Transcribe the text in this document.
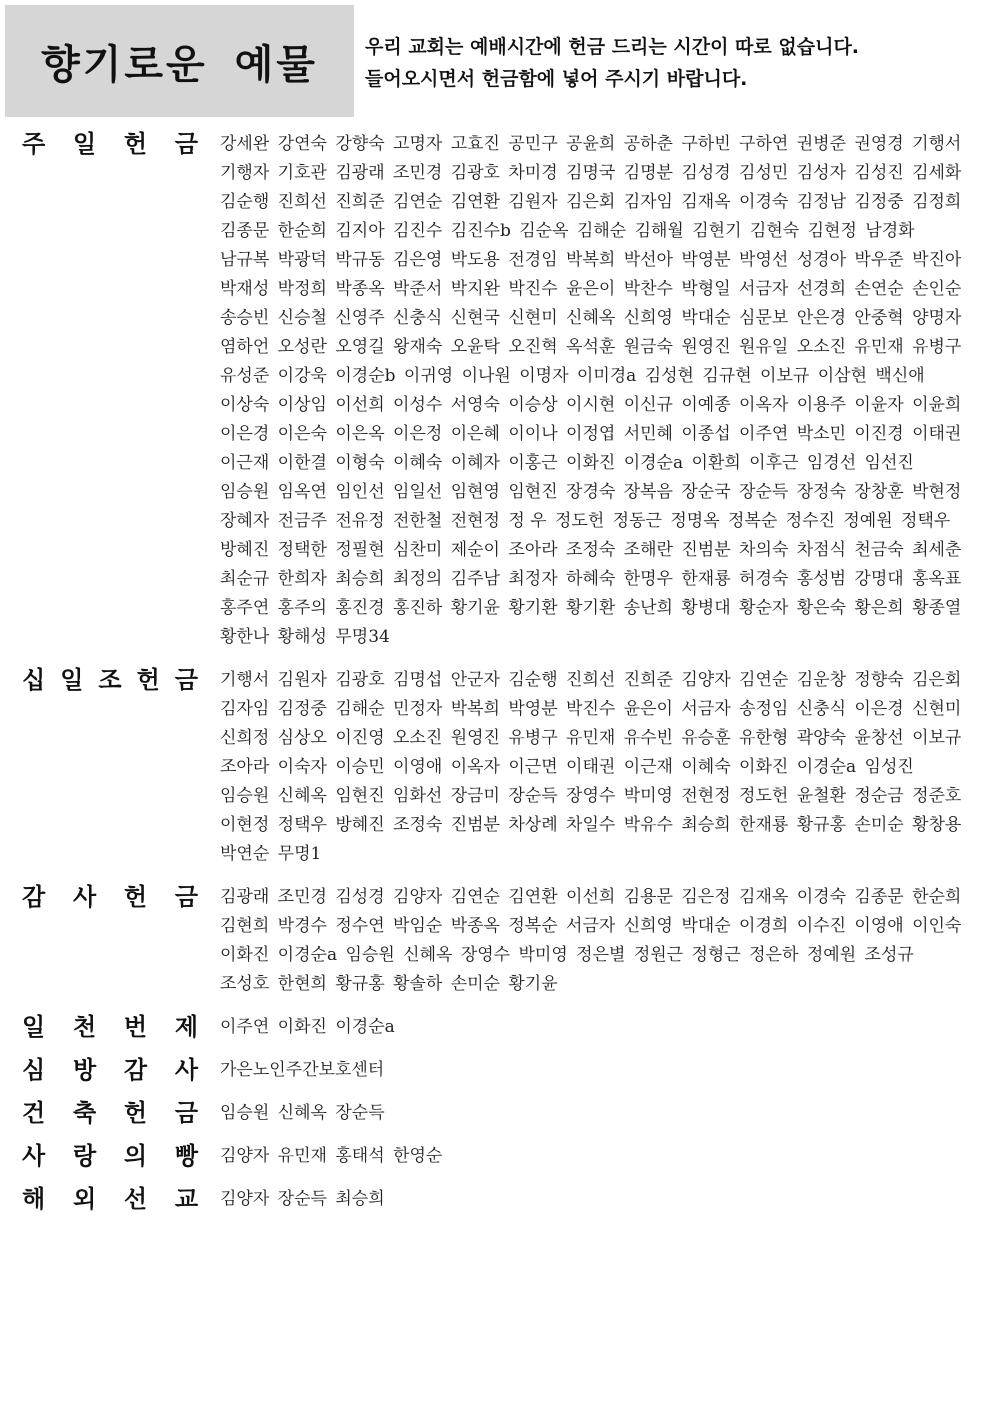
향기로운 예물 우리 교회는 예배시간에 헌금 드리는 시간이 따로 없습니다.
들어오시면서 헌금함에 넣어 주시기 바랍니다.
주 일 헌 금 강세완 강연숙 강향숙 고명자 고효진 공민구 공윤희 공하춘 구하빈 구하연 권병준 권영경 기행서기행자 기호관 김광래 조민경 김광호 차미경 김명국 김명분 김성경 김성민 김성자 김성진 김세화김순행 진희선 진희준 김연순 김연환 김원자 김은회 김자임 김재옥 이경숙 김정남 김정중 김정희김종문 한순희 김지아 김진수 김진수b 김순옥 김해순 김해월 김현기 김현숙 김현정 남경화남규복 박광덕 박규동 김은영 박도용 전경임 박복희 박선아 박영분 박영선 성경아 박우준 박진아박재성 박정희 박종옥 박준서 박지완 박진수 윤은이 박찬수 박형일 서금자 선경희 손연순 손인순송승빈 신승철 신영주 신충식 신현국 신현미 신혜옥 신희영 박대순 심문보 안은경 안중혁 양명자염하언 오성란 오영길 왕재숙 오윤탁 오진혁 옥석훈 원금숙 원영진 원유일 오소진 유민재 유병구유성준 이강욱 이경순b 이귀영 이나원 이명자 이미경a 김성현 김규현 이보규 이삼현 백신애이상숙 이상임 이선희 이성수 서영숙 이승상 이시현 이신규 이예종 이옥자 이용주 이윤자 이윤희이은경 이은숙 이은옥 이은정 이은혜 이이나 이정엽 서민혜 이종섭 이주연 박소민 이진경 이태권이근재 이한결 이형숙 이혜숙 이혜자 이홍근 이화진 이경순a 이환희 이후근 임경선 임선진임승원 임옥연 임인선 임일선 임현영 임현진 장경숙 장복음 장순국 장순득 장정숙 장창훈 박현정장혜자 전금주 전유정 전한철 전현정 정 우 정도헌 정동근 정명옥 정복순 정수진 정예원 정택우방혜진 정택한 정필현 심찬미 제순이 조아라 조정숙 조해란 진범분 차의숙 차점식 천금숙 최세춘최순규 한희자 최승희 최정의 김주남 최정자 하혜숙 한명우 한재룡 허경숙 홍성범 강명대 홍옥표홍주연 홍주의 홍진경 홍진하 황기윤 황기환 황기환 송난희 황병대 황순자 황은숙 황은희 황종열황한나 황해성 무명34
십 일 조 헌 금 기행서 김원자 김광호 김명섭 안군자 김순행 진희선 진희준 김양자 김연순 김운창 정향숙 김은회김자임 김정중 김해순 민정자 박복희 박영분 박진수 윤은이 서금자 송정임 신충식 이은경 신현미신희정 심상오 이진영 오소진 원영진 유병구 유민재 유수빈 유승훈 유한형 곽양숙 윤창선 이보규조아라 이숙자 이승민 이영애 이옥자 이근면 이태권 이근재 이혜숙 이화진 이경순a 임성진임승원 신혜옥 임현진 임화선 장금미 장순득 장영수 박미영 전현정 정도헌 윤철환 정순금 정준호이현정 정택우 방혜진 조정숙 진범분 차상례 차일수 박유수 최승희 한재룡 황규홍 손미순 황창용박연순 무명1
감 사 헌 금 김광래 조민경 김성경 김양자 김연순 김연환 이선희 김용문 김은정 김재옥 이경숙 김종문 한순희김현희 박경수 정수연 박임순 박종옥 정복순 서금자 신희영 박대순 이경희 이수진 이영애 이인숙이화진 이경순a 임승원 신혜옥 장영수 박미영 정은별 정원근 정형근 정은하 정예원 조성규조성호 한현희 황규홍 황솔하 손미순 황기윤
일 천 번 제 이주연 이화진 이경순a
심 방 감 사 가은노인주간보호센터
건 축 헌 금 임승원 신혜옥 장순득
사 랑 의 빵 김양자 유민재 홍태석 한영순
해 외 선 교 김양자 장순득 최승희
